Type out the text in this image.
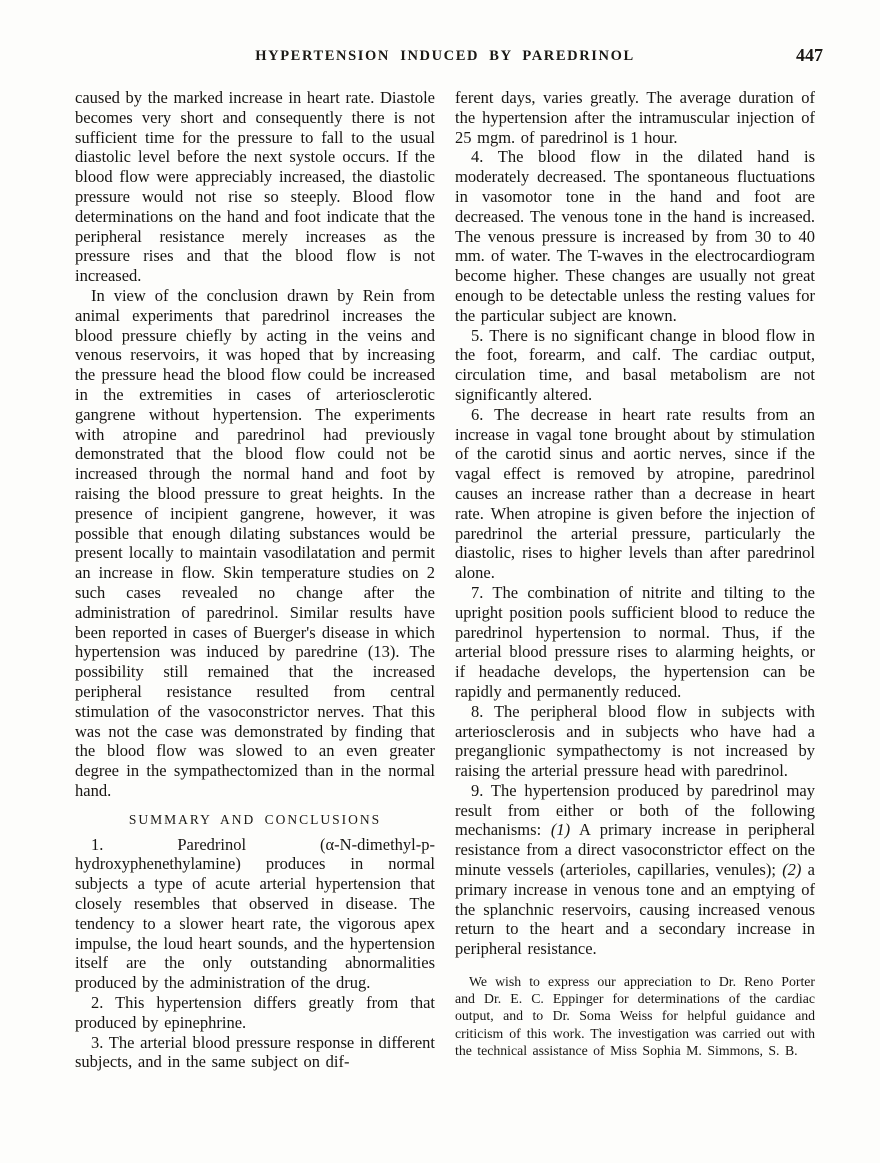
HYPERTENSION INDUCED BY PAREDRINOL	447

caused by the marked increase in heart rate. Diastole becomes very short and consequently there is not sufficient time for the pressure to fall to the usual diastolic level before the next systole occurs. If the blood flow were appreciably increased, the diastolic pressure would not rise so steeply. Blood flow determinations on the hand and foot indicate that the peripheral resistance merely increases as the pressure rises and that the blood flow is not increased.

In view of the conclusion drawn by Rein from animal experiments that paredrinol increases the blood pressure chiefly by acting in the veins and venous reservoirs, it was hoped that by increasing the pressure head the blood flow could be increased in the extremities in cases of arteriosclerotic gangrene without hypertension. The experiments with atropine and paredrinol had previously demonstrated that the blood flow could not be increased through the normal hand and foot by raising the blood pressure to great heights. In the presence of incipient gangrene, however, it was possible that enough dilating substances would be present locally to maintain vasodilatation and permit an increase in flow. Skin temperature studies on 2 such cases revealed no change after the administration of paredrinol. Similar results have been reported in cases of Buerger's disease in which hypertension was induced by paredrine (13). The possibility still remained that the increased peripheral resistance resulted from central stimulation of the vasoconstrictor nerves. That this was not the case was demonstrated by finding that the blood flow was slowed to an even greater degree in the sympathectomized than in the normal hand.

SUMMARY AND CONCLUSIONS

1. Paredrinol (α-N-dimethyl-p-hydroxyphenethylamine) produces in normal subjects a type of acute arterial hypertension that closely resembles that observed in disease. The tendency to a slower heart rate, the vigorous apex impulse, the loud heart sounds, and the hypertension itself are the only outstanding abnormalities produced by the administration of the drug.

2. This hypertension differs greatly from that produced by epinephrine.

3. The arterial blood pressure response in different subjects, and in the same subject on dif-

ferent days, varies greatly. The average duration of the hypertension after the intramuscular injection of 25 mgm. of paredrinol is 1 hour.

4. The blood flow in the dilated hand is moderately decreased. The spontaneous fluctuations in vasomotor tone in the hand and foot are decreased. The venous tone in the hand is increased. The venous pressure is increased by from 30 to 40 mm. of water. The T-waves in the electrocardiogram become higher. These changes are usually not great enough to be detectable unless the resting values for the particular subject are known.

5. There is no significant change in blood flow in the foot, forearm, and calf. The cardiac output, circulation time, and basal metabolism are not significantly altered.

6. The decrease in heart rate results from an increase in vagal tone brought about by stimulation of the carotid sinus and aortic nerves, since if the vagal effect is removed by atropine, paredrinol causes an increase rather than a decrease in heart rate. When atropine is given before the injection of paredrinol the arterial pressure, particularly the diastolic, rises to higher levels than after paredrinol alone.

7. The combination of nitrite and tilting to the upright position pools sufficient blood to reduce the paredrinol hypertension to normal. Thus, if the arterial blood pressure rises to alarming heights, or if headache develops, the hypertension can be rapidly and permanently reduced.

8. The peripheral blood flow in subjects with arteriosclerosis and in subjects who have had a preganglionic sympathectomy is not increased by raising the arterial pressure head with paredrinol.

9. The hypertension produced by paredrinol may result from either or both of the following mechanisms: (1) A primary increase in peripheral resistance from a direct vasoconstrictor effect on the minute vessels (arterioles, capillaries, venules); (2) a primary increase in venous tone and an emptying of the splanchnic reservoirs, causing increased venous return to the heart and a secondary increase in peripheral resistance.

We wish to express our appreciation to Dr. Reno Porter and Dr. E. C. Eppinger for determinations of the cardiac output, and to Dr. Soma Weiss for helpful guidance and criticism of this work. The investigation was carried out with the technical assistance of Miss Sophia M. Simmons, S. B.
